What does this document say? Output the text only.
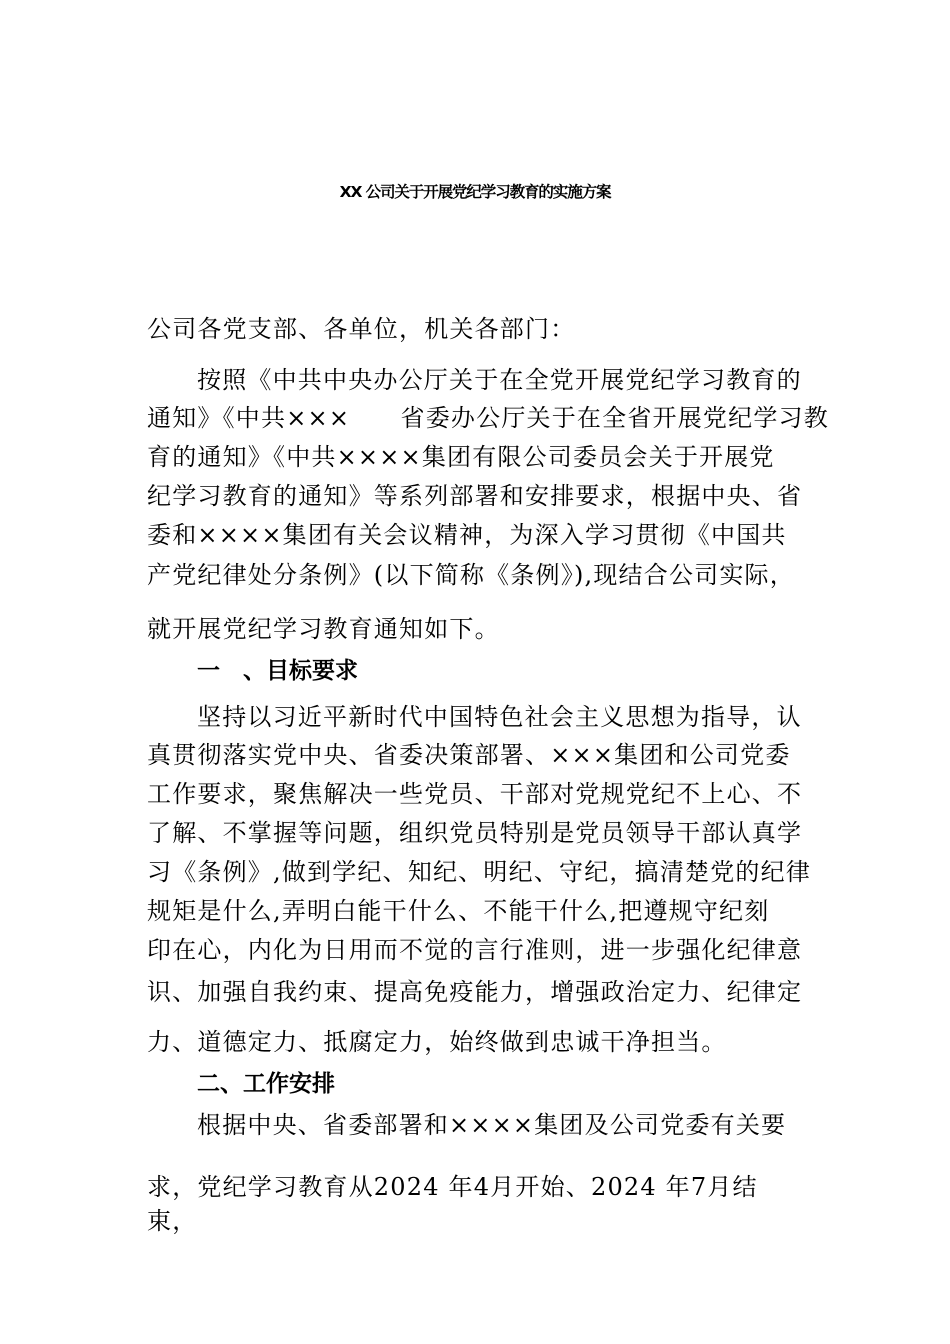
XX 公司关于开展党纪学习教育的实施方案
公司各党支部、各单位，机关各部门：
按照《中共中央办公厅关于在全党开展党纪学习教育的
通知》《中共×××　　省委办公厅关于在全省开展党纪学习教
育的通知》《中共××××集团有限公司委员会关于开展党
纪学习教育的通知》等系列部署和安排要求，根据中央、省
委和××××集团有关会议精神，为深入学习贯彻《中国共
产党纪律处分条例》(以下简称《条例》),现结合公司实际，
就开展党纪学习教育通知如下。
一　、目标要求
坚持以习近平新时代中国特色社会主义思想为指导，认
真贯彻落实党中央、省委决策部署、×××集团和公司党委
工作要求，聚焦解决一些党员、干部对党规党纪不上心、不
了解、不掌握等问题，组织党员特别是党员领导干部认真学
习《条例》,做到学纪、知纪、明纪、守纪，搞清楚党的纪律
规矩是什么,弄明白能干什么、不能干什么,把遵规守纪刻
印在心，内化为日用而不觉的言行准则，进一步强化纪律意
识、加强自我约束、提高免疫能力，增强政治定力、纪律定
力、道德定力、抵腐定力，始终做到忠诚干净担当。
二、工作安排
根据中央、省委部署和××××集团及公司党委有关要
求，党纪学习教育从2024 年4月开始、2024 年7月结
束，
